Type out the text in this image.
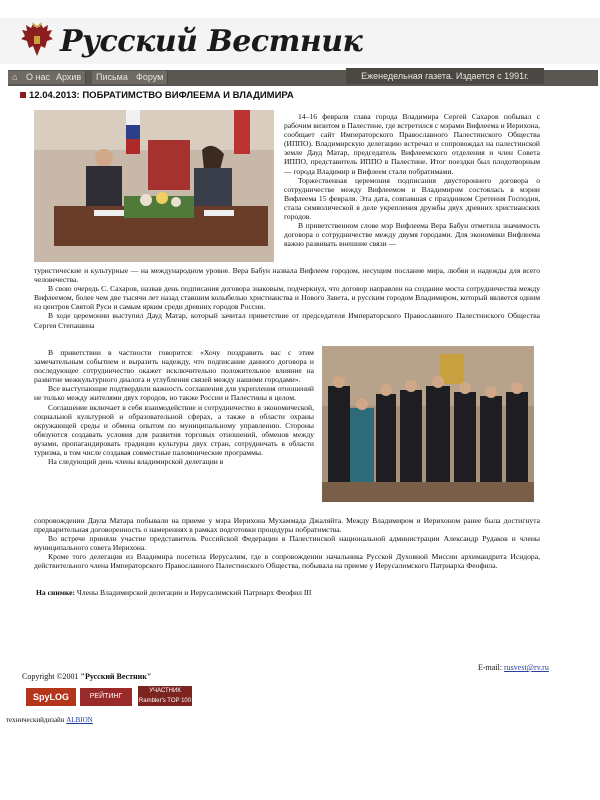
Русский Вестник
⌂ О нас Архив	Письма Форум	Еженедельная газета. Издается с 1991г.
12.04.2013: ПОБРАТИМСТВО ВИФЛЕЕМА И ВЛАДИМИРА

14–16 февраля глава города Владимира Сергей Сахаров побывал с рабочим визитом в Палестине, где встретился с мэрами Вифлеема и Иерихона, сообщает сайт Императорского Православного Палестинского Общества (ИППО). Владимирскую делегацию встречал и сопровождал на палестинской земле Дауд Матар, председатель Вифлеемского отделения и член Совета ИППО, представитель ИППО в Палестине. Итог поездки был плодотворным — города Владимир и Вифлеем стали побратимами.

Торжественная церемония подписания двустороннего договора о сотрудничестве между Вифлеемом и Владимиром состоялась в мэрии Вифлеема 15 февраля. Эта дата, совпавшая с праздником Сретения Господня, стала символической в деле укрепления дружбы двух древних христианских городов.

В приветственном слове мэр Вифлеема Вера Бабун отметила значимость договора о сотрудничестве между двумя городами. Для экономики Вифлеема важно развивать внешние связи —

туристические и культурные — на международном уровне. Вера Бабун назвала Вифлеем городом, несущим послание мира, любви и надежды для всего человечества.

В свою очередь С. Сахаров, назвав день подписания договора знаковым, подчеркнул, что договор направлен на создание моста сотрудничества между Вифлеемом, более чем две тысячи лет назад ставшим колыбелью христианства и Нового Завета, и русским городом Владимиром, который является одним из центров Святой Руси и самым ярким среди древних городов России.

В ходе церемонии выступил Дауд Матар, который зачитал приветствие от председателя Императорского Православного Палестинского Общества Сергея Степашина

В приветствии в частности говорится: «Хочу поздравить вас с этим замечательным событием и выразить надежду, что подписание данного договора и последующее сотрудничество окажет исключительно положительное влияние на развитие межкультурного диалога и углубления связей между нашими городами».

Все выступающие подтвердили важность соглашения для укрепления отношений не только между жителями двух городов, но также России и Палестины в целом.

Соглашение включает в себя взаимодействие и сотрудничество в экономической, социальной культурной и образовательной сферах, а также в области охраны окружающей среды и обмена опытом по муниципальному управлению. Стороны обязуются создавать условия для развития торговых отношений, обменов между вузами, пропагандировать традиции культуры двух стран, сотрудничать в области туризма, в том числе создавая совместные паломнические программы.

На следующий день члены владимирской делегации в

сопровождении Даула Матара побывали на приеме у мэра Иерихона Мухаммада Джаляйта. Между Владимиром и Иерихоном ранее была достигнута предварительная договоренность о намерениях в рамках подготовки процедуры побратимства.

Во встрече приняли участие представитель Российской Федерации в Палестинской национальной администрации Александр Рудаков и члены муниципального совета Иерихона.

Кроме того делегация из Владимира посетила Иерусалим, где в сопровождении начальника Русской Духовной Миссии архимандрита Исидора, действительного члена Императорского Православного Палестинского Общества, побывала на приеме у Иерусалимского Патриарха Феофила.

На снимке: Члены Владимирской делегации и Иерусалимский Патриарх Феофил III
E-mail: rusvest@rv.ru
Copyright ©2001 "Русский Вестник"
SpyLOG	РЕЙТИНГ
УЧАСТНИК Rambler's TOP 100
техническийдизайн ALBION
